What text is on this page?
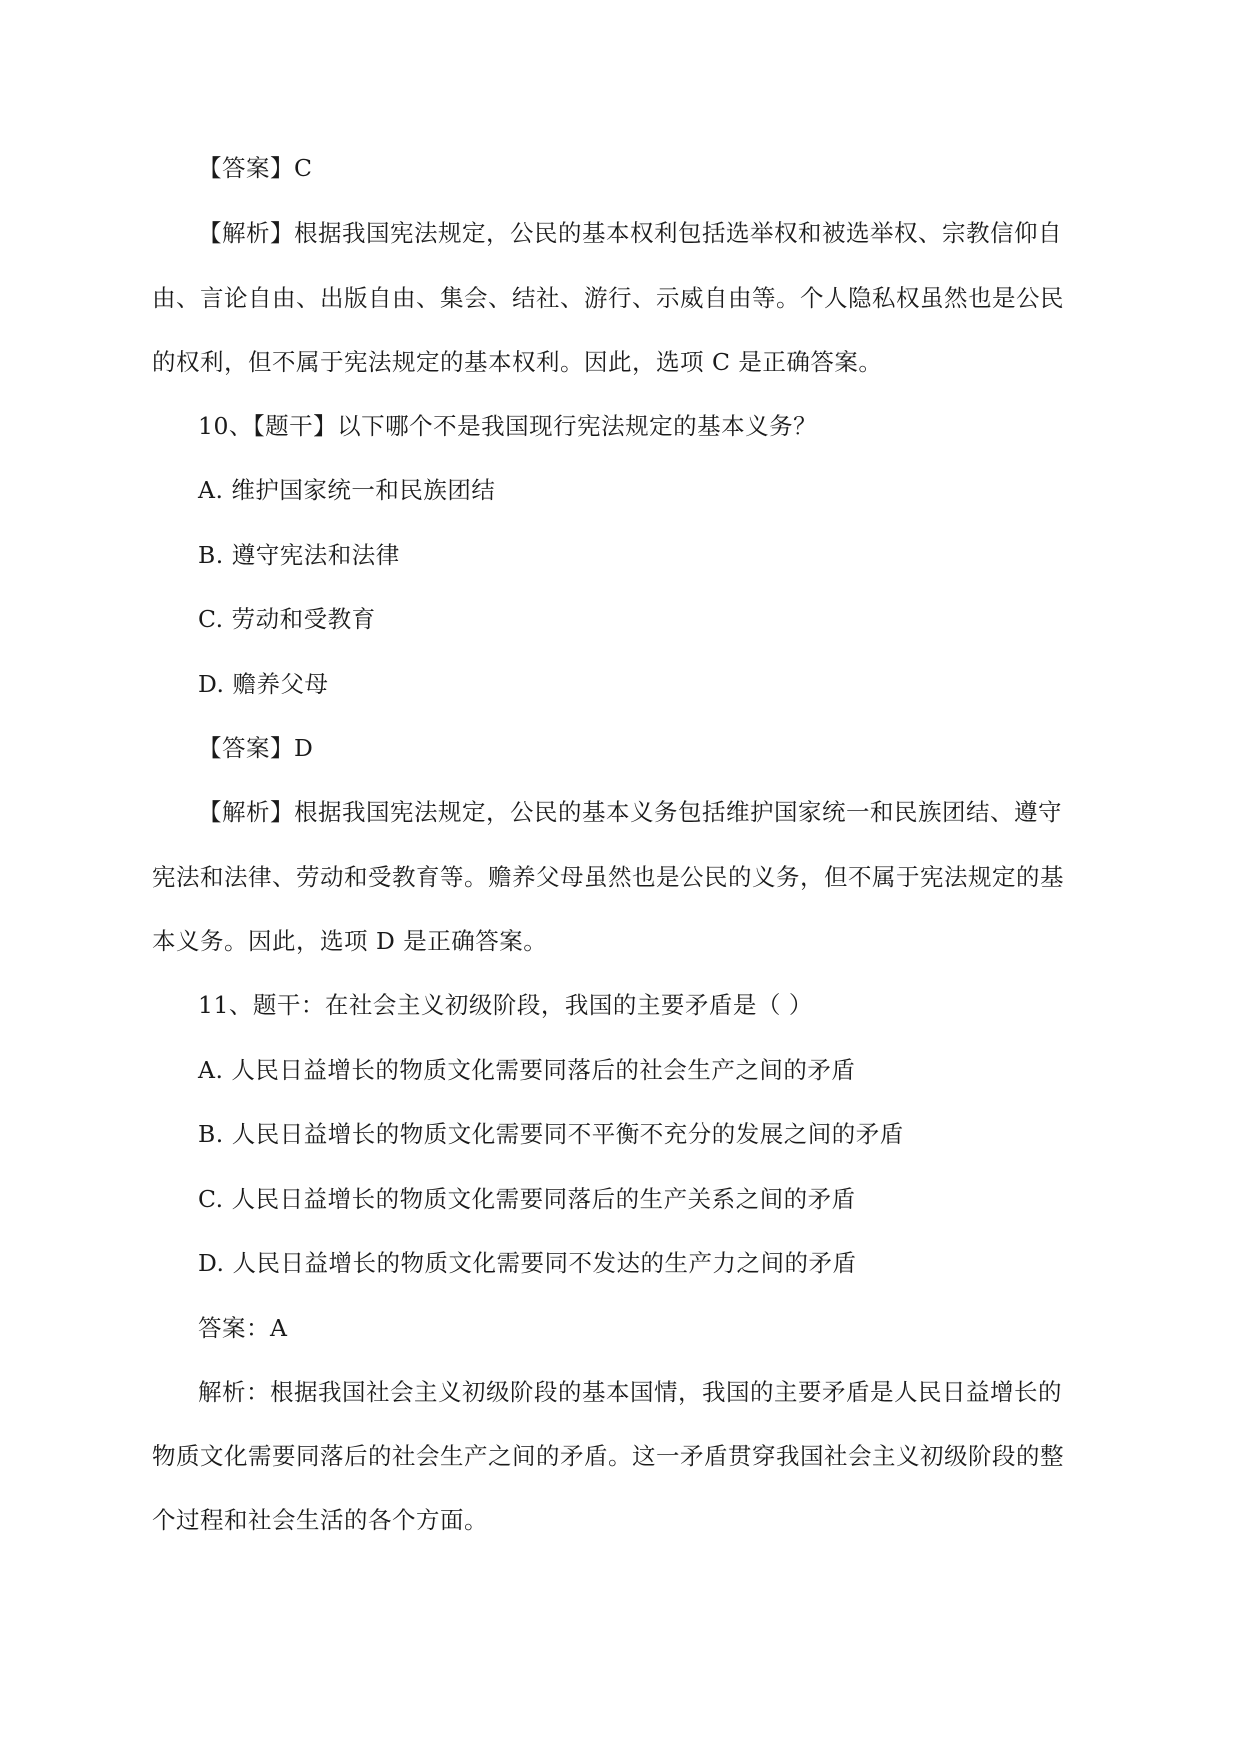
【答案】C
【解析】根据我国宪法规定，公民的基本权利包括选举权和被选举权、宗教信仰自
由、言论自由、出版自由、集会、结社、游行、示威自由等。个人隐私权虽然也是公民
的权利，但不属于宪法规定的基本权利。因此，选项 C 是正确答案。
10、【题干】以下哪个不是我国现行宪法规定的基本义务？
A. 维护国家统一和民族团结
B. 遵守宪法和法律
C. 劳动和受教育
D. 赡养父母
【答案】D
【解析】根据我国宪法规定，公民的基本义务包括维护国家统一和民族团结、遵守
宪法和法律、劳动和受教育等。赡养父母虽然也是公民的义务，但不属于宪法规定的基
本义务。因此，选项 D 是正确答案。
11、题干：在社会主义初级阶段，我国的主要矛盾是（ ）
A. 人民日益增长的物质文化需要同落后的社会生产之间的矛盾
B. 人民日益增长的物质文化需要同不平衡不充分的发展之间的矛盾
C. 人民日益增长的物质文化需要同落后的生产关系之间的矛盾
D. 人民日益增长的物质文化需要同不发达的生产力之间的矛盾
答案：A
解析：根据我国社会主义初级阶段的基本国情，我国的主要矛盾是人民日益增长的
物质文化需要同落后的社会生产之间的矛盾。这一矛盾贯穿我国社会主义初级阶段的整
个过程和社会生活的各个方面。
